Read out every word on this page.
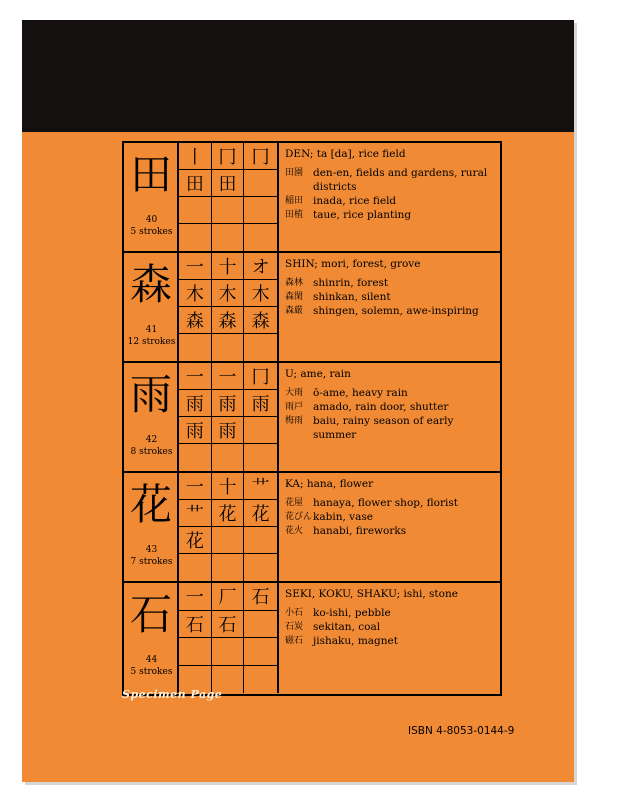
田
40
5 strokes
丨 冂 冂
田 田
DEN; ta [da], rice field
田園 den-en, fields and gardens, rural districts
稲田 inada, rice field
田植 taue, rice planting
森
41
12 strokes
一 十 オ
木 木 木
森 森 森
SHIN; mori, forest, grove
森林 shinrin, forest
森閑 shinkan, silent
森厳 shingen, solemn, awe-inspiring
雨
42
8 strokes
一 一 冂
雨 雨 雨
雨 雨
U; ame, rain
大雨 ō-ame, heavy rain
雨戸 amado, rain door, shutter
梅雨 baiu, rainy season of early summer
花
43
7 strokes
一 十 艹
艹 花 花
花
KA; hana, flower
花屋 hanaya, flower shop, florist
花びん kabin, vase
花火 hanabi, fireworks
石
44
5 strokes
一 厂 石
石 石
SEKI, KOKU, SHAKU; ishi, stone
小石 ko-ishi, pebble
石炭 sekitan, coal
磁石 jishaku, magnet
Specimen Page
ISBN 4-8053-0144-9
